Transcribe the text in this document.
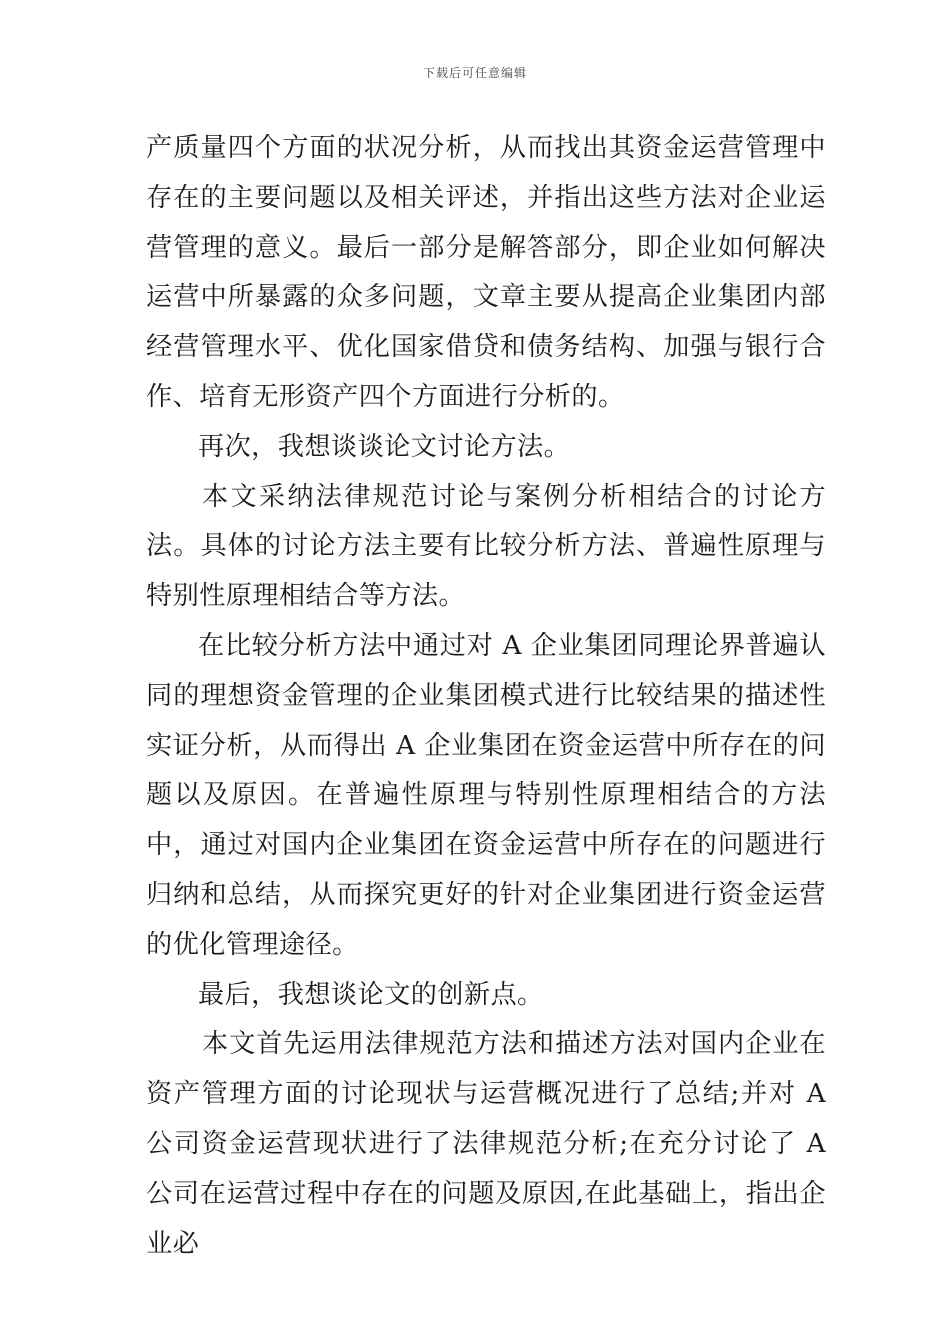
下载后可任意编辑

产质量四个方面的状况分析，从而找出其资金运营管理中存在的主要问题以及相关评述，并指出这些方法对企业运营管理的意义。最后一部分是解答部分，即企业如何解决运营中所暴露的众多问题，文章主要从提高企业集团内部经营管理水平、优化国家借贷和债务结构、加强与银行合作、培育无形资产四个方面进行分析的。

再次，我想谈谈论文讨论方法。

本文采纳法律规范讨论与案例分析相结合的讨论方法。具体的讨论方法主要有比较分析方法、普遍性原理与特别性原理相结合等方法。

在比较分析方法中通过对 A 企业集团同理论界普遍认同的理想资金管理的企业集团模式进行比较结果的描述性实证分析，从而得出 A 企业集团在资金运营中所存在的问题以及原因。在普遍性原理与特别性原理相结合的方法中，通过对国内企业集团在资金运营中所存在的问题进行归纳和总结，从而探究更好的针对企业集团进行资金运营的优化管理途径。

最后，我想谈论文的创新点。

本文首先运用法律规范方法和描述方法对国内企业在资产管理方面的讨论现状与运营概况进行了总结;并对 A 公司资金运营现状进行了法律规范分析;在充分讨论了 A 公司在运营过程中存在的问题及原因,在此基础上，指出企业必
